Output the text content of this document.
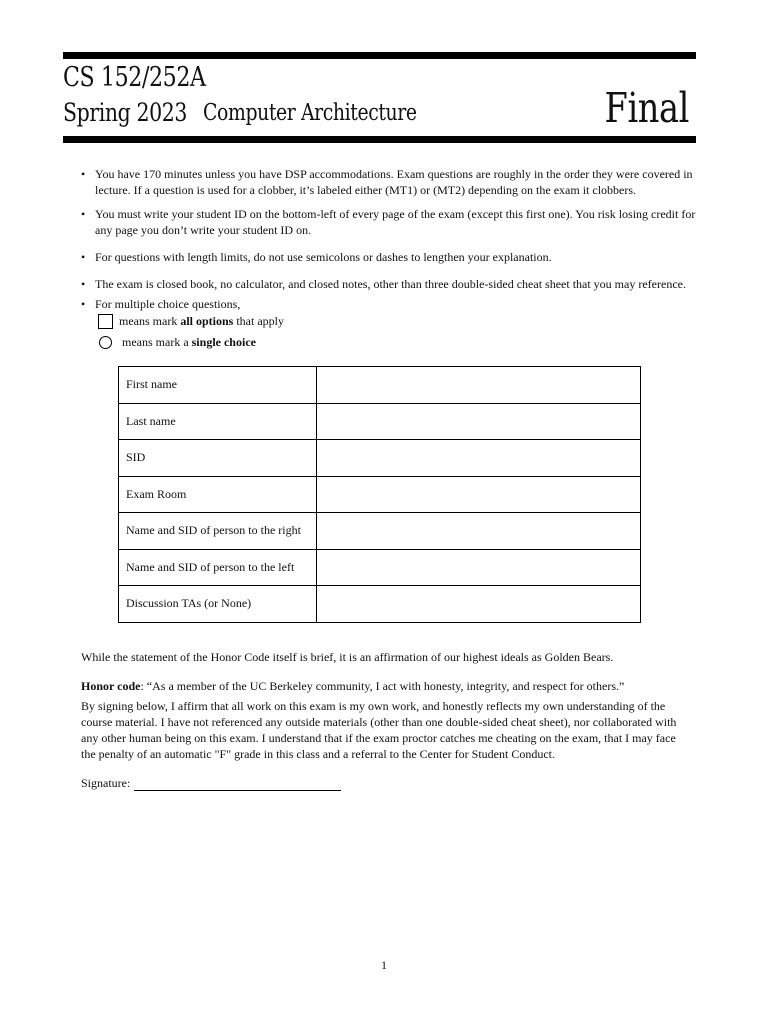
CS 152/252A
Spring 2023 Computer Architecture	Final
• You have 170 minutes unless you have DSP accommodations. Exam questions are roughly in the order they were covered in lecture. If a question is used for a clobber, it’s labeled either (MT1) or (MT2) depending on the exam it clobbers.
• You must write your student ID on the bottom-left of every page of the exam (except this first one). You risk losing credit for any page you don’t write your student ID on.
• For questions with length limits, do not use semicolons or dashes to lengthen your explanation.
• The exam is closed book, no calculator, and closed notes, other than three double-sided cheat sheet that you may reference.
• For multiple choice questions,
means mark
all options
that apply
means mark a
single choice
First name	
Last name	
SID	
Exam Room	
Name and SID of person to the right	
Name and SID of person to the left	
Discussion TAs (or None)	
While the statement of the Honor Code itself is brief, it is an affirmation of our highest ideals as Golden Bears.
Honor code: “As a member of the UC Berkeley community, I act with honesty, integrity, and respect for others.”
By signing below, I affirm that all work on this exam is my own work, and honestly reflects my own understanding of the course material. I have not referenced any outside materials (other than one double-sided cheat sheet), nor collaborated with any other human being on this exam. I understand that if the exam proctor catches me cheating on the exam, that I may face the penalty of an automatic "F" grade in this class and a referral to the Center for Student Conduct.
Signature:
1
